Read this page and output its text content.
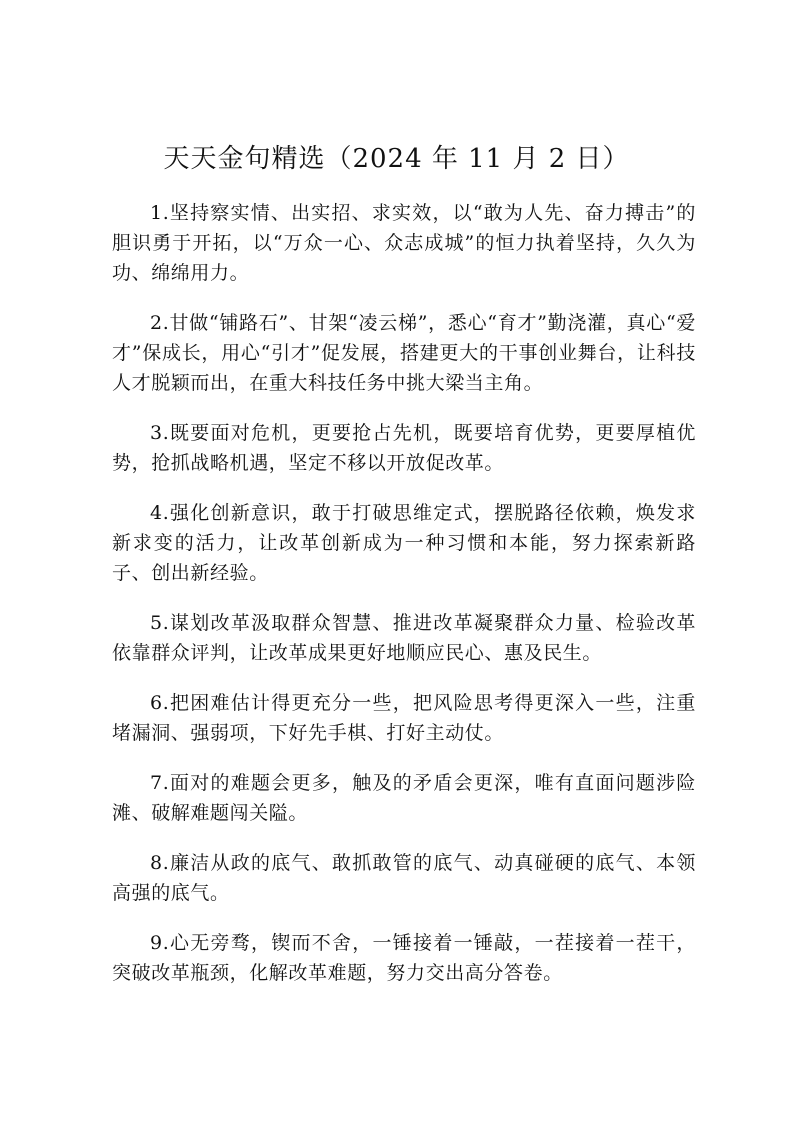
天天金句精选（2024 年 11 月 2 日）

1.坚持察实情、出实招、求实效，以“敢为人先、奋力搏击”的胆识勇于开拓，以“万众一心、众志成城”的恒力执着坚持，久久为功、绵绵用力。

2.甘做“铺路石”、甘架“凌云梯”，悉心“育才”勤浇灌，真心“爱才”保成长，用心“引才”促发展，搭建更大的干事创业舞台，让科技人才脱颖而出，在重大科技任务中挑大梁当主角。

3.既要面对危机，更要抢占先机，既要培育优势，更要厚植优势，抢抓战略机遇，坚定不移以开放促改革。

4.强化创新意识，敢于打破思维定式，摆脱路径依赖，焕发求新求变的活力，让改革创新成为一种习惯和本能，努力探索新路子、创出新经验。

5.谋划改革汲取群众智慧、推进改革凝聚群众力量、检验改革依靠群众评判，让改革成果更好地顺应民心、惠及民生。

6.把困难估计得更充分一些，把风险思考得更深入一些，注重堵漏洞、强弱项，下好先手棋、打好主动仗。

7.面对的难题会更多，触及的矛盾会更深，唯有直面问题涉险滩、破解难题闯关隘。

8.廉洁从政的底气、敢抓敢管的底气、动真碰硬的底气、本领高强的底气。

9.心无旁骛，锲而不舍，一锤接着一锤敲，一茬接着一茬干，突破改革瓶颈，化解改革难题，努力交出高分答卷。
